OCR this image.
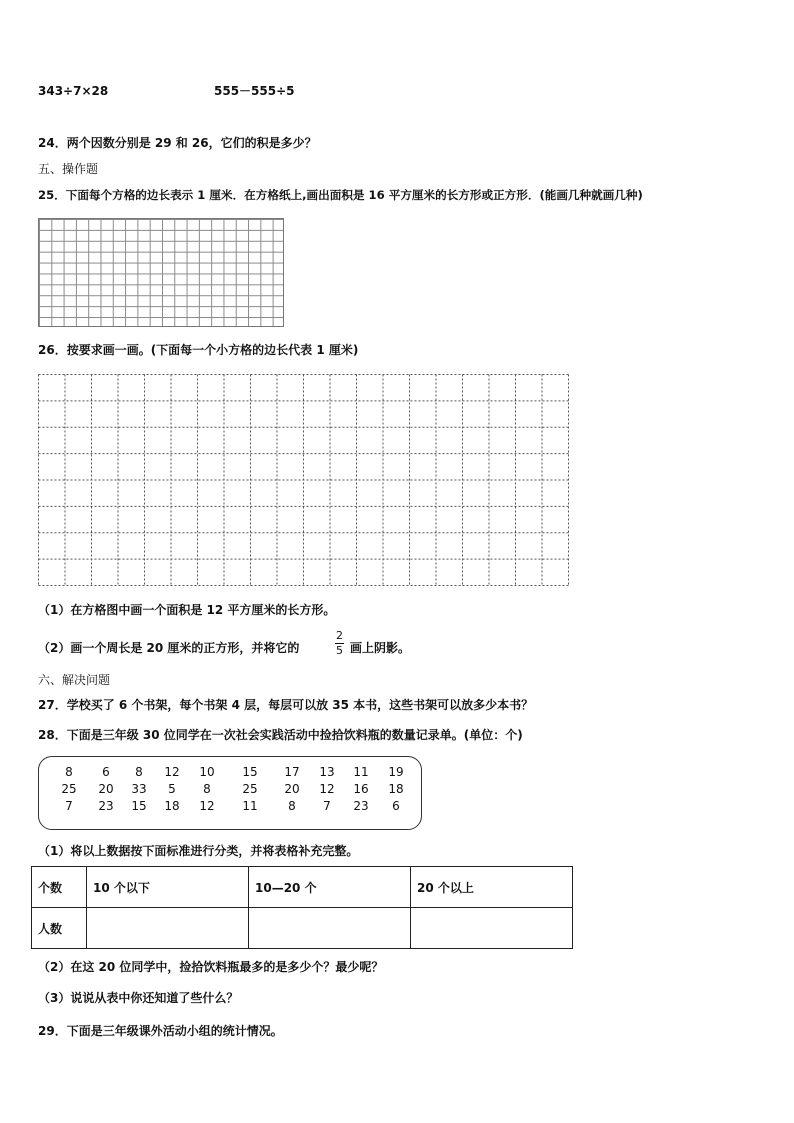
343÷7×28	555－555÷5
24．两个因数分别是 29 和 26，它们的积是多少？
五、操作题
25．下面每个方格的边长表示 1 厘米．在方格纸上,画出面积是 16 平方厘米的长方形或正方形．(能画几种就画几种)
26．按要求画一画。(下面每一个小方格的边长代表 1 厘米)
（1）在方格图中画一个面积是 12 平方厘米的长方形。
（2）画一个周长是 20 厘米的正方形，并将它的
2
5 画上阴影。
六、解决问题
27．学校买了 6 个书架，每个书架 4 层，每层可以放 35 本书，这些书架可以放多少本书？
28．下面是三年级 30 位同学在一次社会实践活动中捡拾饮料瓶的数量记录单。(单位：个)
8	6	8	12	10	15	17	13	11	19
25	20	33	5	8	25	20	12	16	18
7	23	15	18	12	11	8	7	23	6
（1）将以上数据按下面标准进行分类，并将表格补充完整。
个数	10 个以下	10—20 个	20 个以上
人数			
（2）在这 20 位同学中，捡拾饮料瓶最多的是多少个？最少呢？
（3）说说从表中你还知道了些什么？
29．下面是三年级课外活动小组的统计情况。
